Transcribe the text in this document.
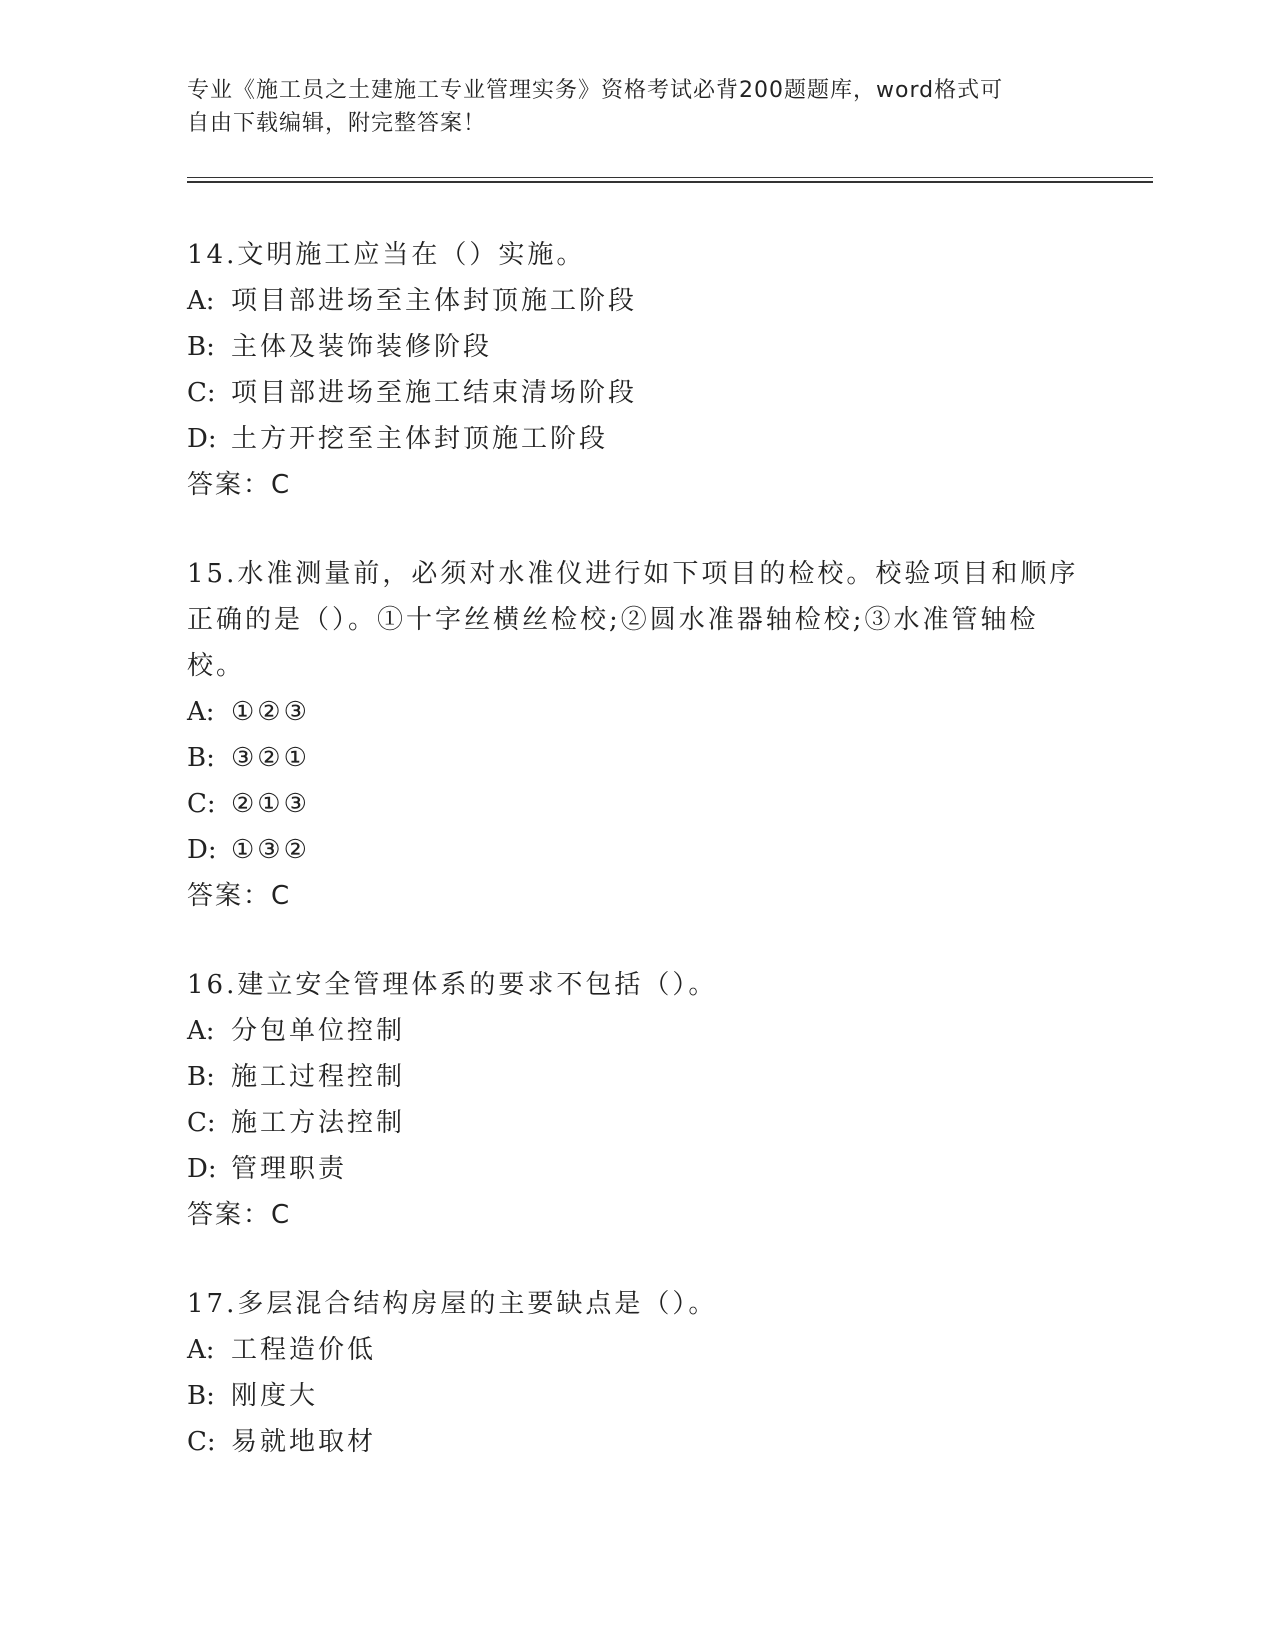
专业《施工员之土建施工专业管理实务》资格考试必背200题题库，word格式可
自由下载编辑，附完整答案！
14.文明施工应当在（）实施。
A: 项目部进场至主体封顶施工阶段
B: 主体及装饰装修阶段
C: 项目部进场至施工结束清场阶段
D: 土方开挖至主体封顶施工阶段
答案：C
15.水准测量前，必须对水准仪进行如下项目的检校。校验项目和顺序
正确的是（）。①十字丝横丝检校;②圆水准器轴检校;③水准管轴检
校。
A: ①②③
B: ③②①
C: ②①③
D: ①③②
答案：C
16.建立安全管理体系的要求不包括（）。
A: 分包单位控制
B: 施工过程控制
C: 施工方法控制
D: 管理职责
答案：C
17.多层混合结构房屋的主要缺点是（）。
A: 工程造价低
B: 刚度大
C: 易就地取材
